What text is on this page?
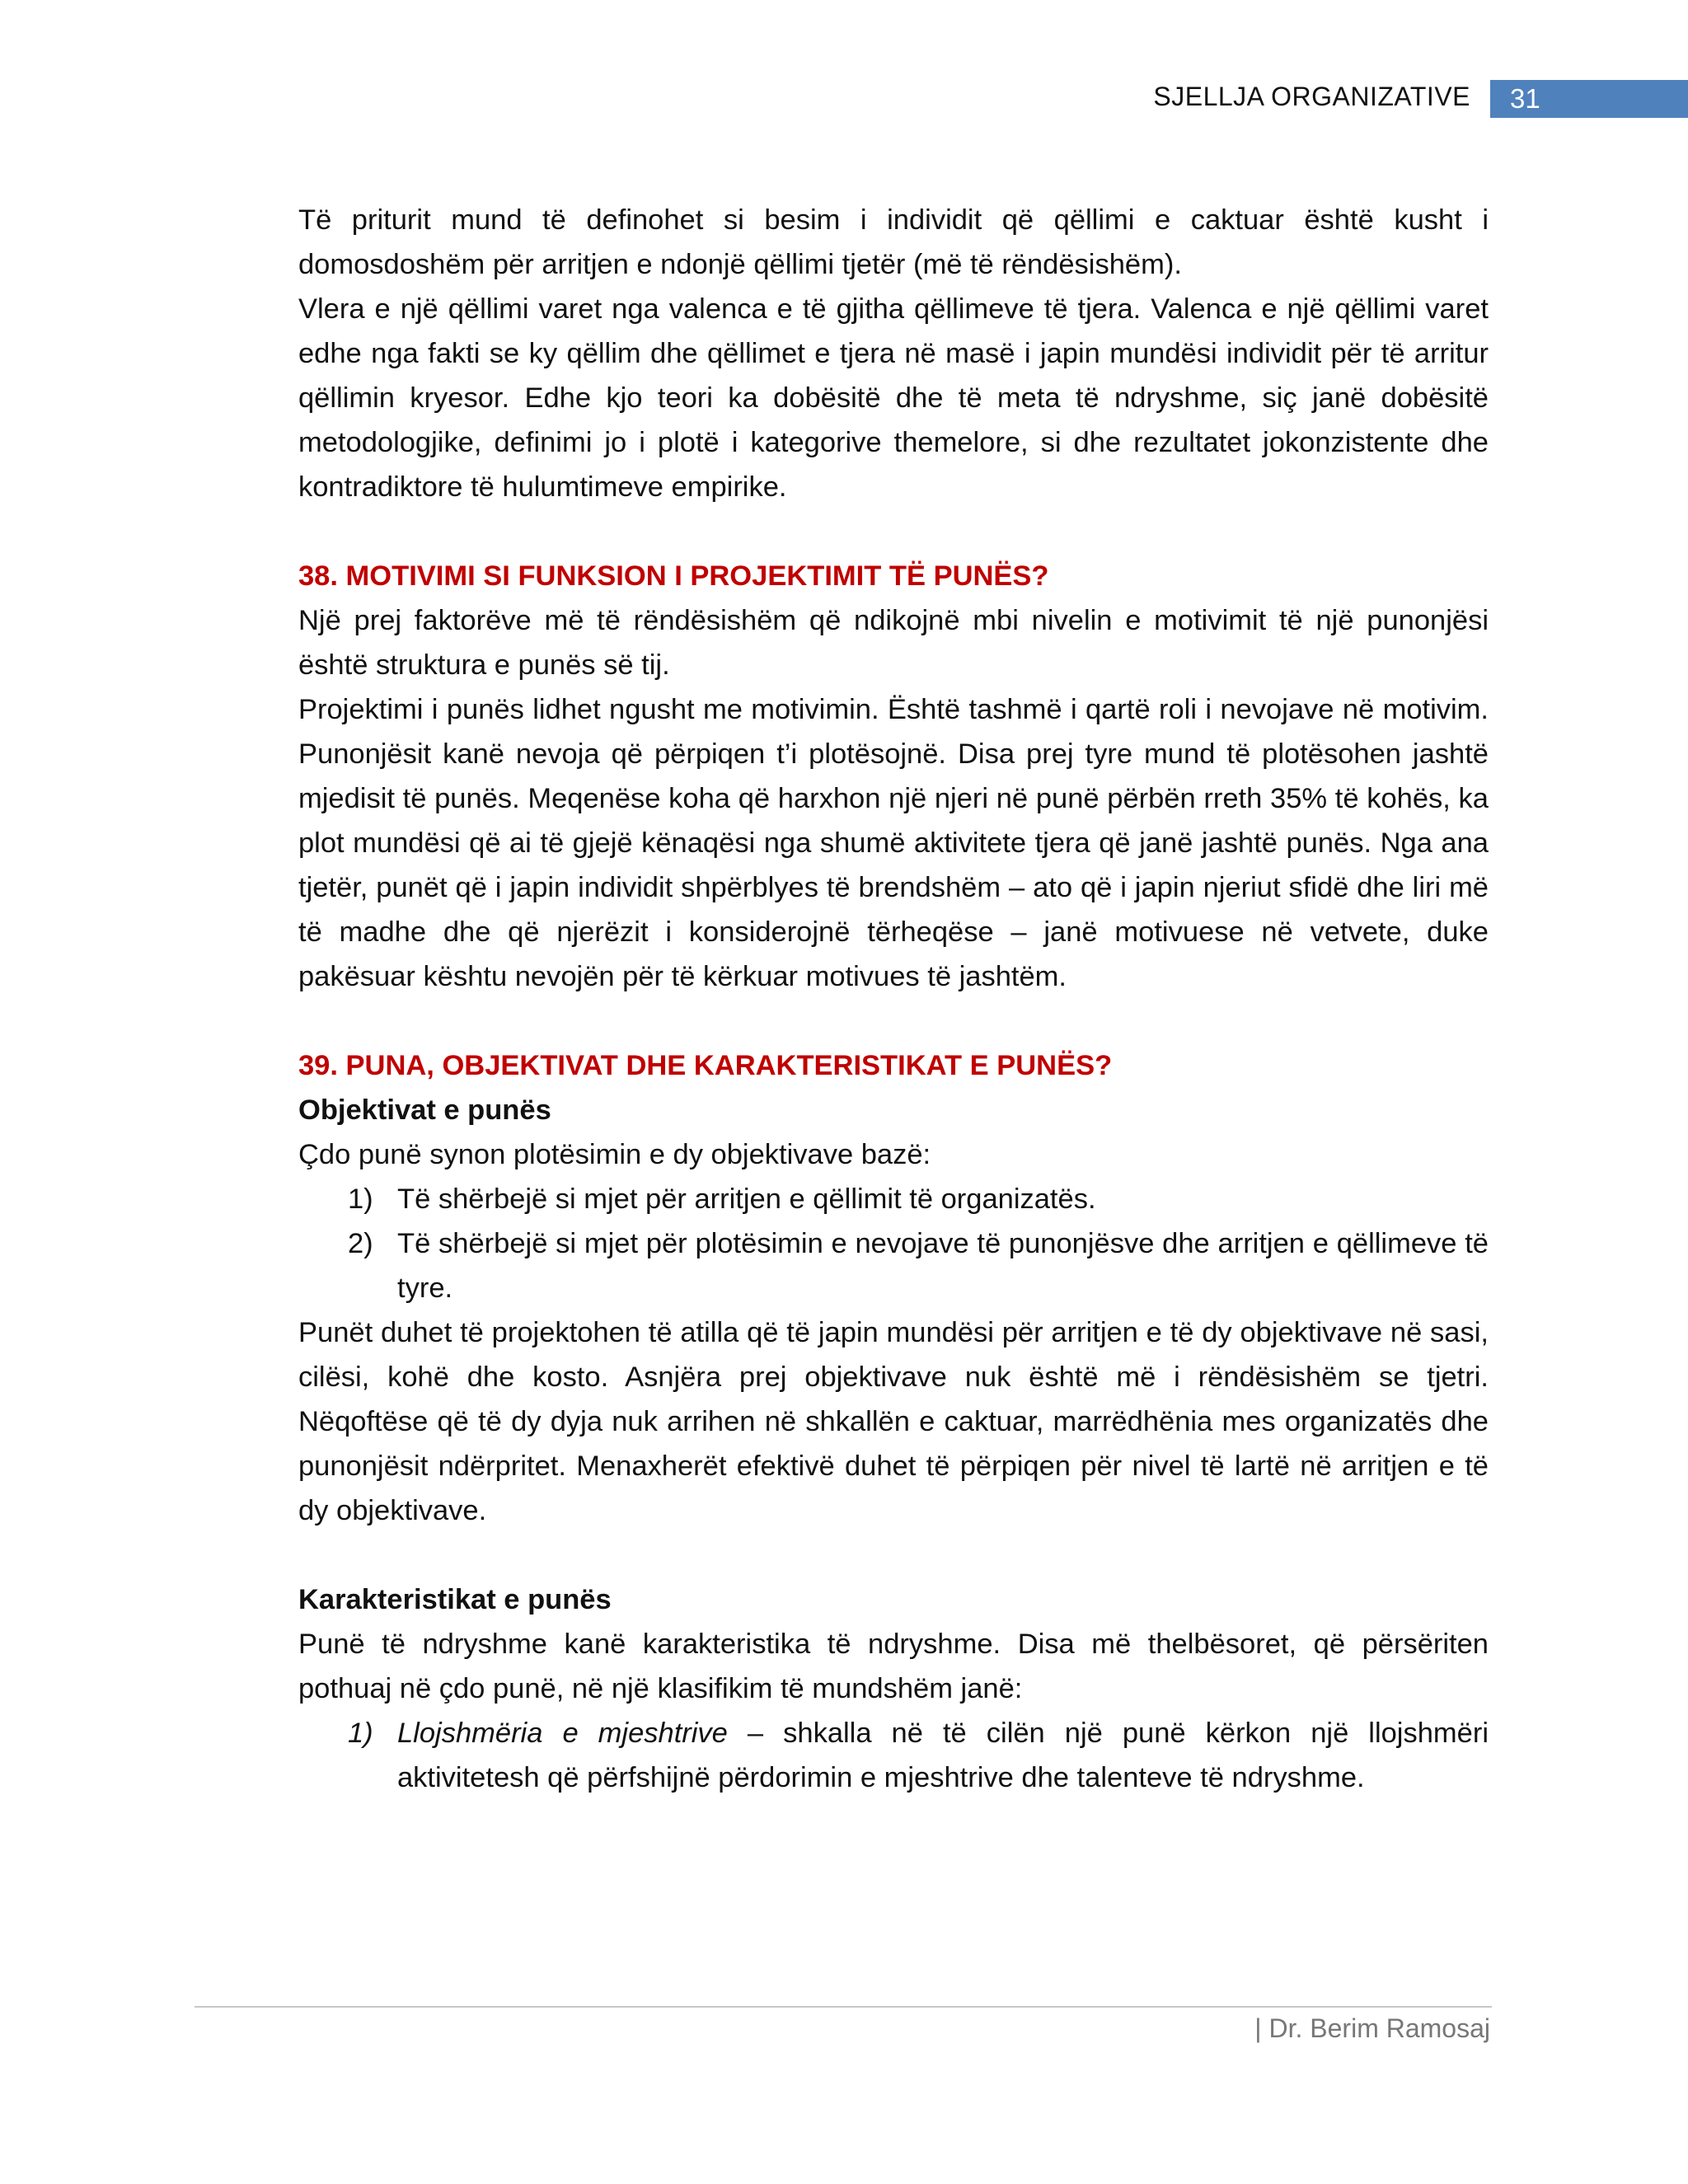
SJELLJA ORGANIZATIVE	31

Të priturit mund të definohet si besim i individit që qëllimi e caktuar është kusht i domosdoshëm për arritjen e ndonjë qëllimi tjetër (më të rëndësishëm).

Vlera e një qëllimi varet nga valenca e të gjitha qëllimeve të tjera. Valenca e një qëllimi varet edhe nga fakti se ky qëllim dhe qëllimet e tjera në masë i japin mundësi individit për të arritur qëllimin kryesor. Edhe kjo teori ka dobësitë dhe të meta të ndryshme, siç janë dobësitë metodologjike, definimi jo i plotë i kategorive themelore, si dhe rezultatet jokonzistente dhe kontradiktore të hulumtimeve empirike.

38. MOTIVIMI SI FUNKSION I PROJEKTIMIT TË PUNËS?

Një prej faktorëve më të rëndësishëm që ndikojnë mbi nivelin e motivimit të një punonjësi është struktura e punës së tij.

Projektimi i punës lidhet ngusht me motivimin. Është tashmë i qartë roli i nevojave në motivim. Punonjësit kanë nevoja që përpiqen t’i plotësojnë. Disa prej tyre mund të plotësohen jashtë mjedisit të punës. Meqenëse koha që harxhon një njeri në punë përbën rreth 35% të kohës, ka plot mundësi që ai të gjejë kënaqësi nga shumë aktivitete tjera që janë jashtë punës. Nga ana tjetër, punët që i japin individit shpërblyes të brendshëm – ato që i japin njeriut sfidë dhe liri më të madhe dhe që njerëzit i konsiderojnë tërheqëse – janë motivuese në vetvete, duke pakësuar kështu nevojën për të kërkuar motivues të jashtëm.

39. PUNA, OBJEKTIVAT DHE KARAKTERISTIKAT E PUNËS?

Objektivat e punës

Çdo punë synon plotësimin e dy objektivave bazë:

1) Të shërbejë si mjet për arritjen e qëllimit të organizatës.
2) Të shërbejë si mjet për plotësimin e nevojave të punonjësve dhe arritjen e qëllimeve të tyre.

Punët duhet të projektohen të atilla që të japin mundësi për arritjen e të dy objektivave në sasi, cilësi, kohë dhe kosto. Asnjëra prej objektivave nuk është më i rëndësishëm se tjetri. Nëqoftëse që të dy dyja nuk arrihen në shkallën e caktuar, marrëdhënia mes organizatës dhe punonjësit ndërpritet. Menaxherët efektivë duhet të përpiqen për nivel të lartë në arritjen e të dy objektivave.

Karakteristikat e punës

Punë të ndryshme kanë karakteristika të ndryshme. Disa më thelbësoret, që përsëriten pothuaj në çdo punë, në një klasifikim të mundshëm janë:

1) Llojshmëria e mjeshtrive – shkalla në të cilën një punë kërkon një llojshmëri aktivitetesh që përfshijnë përdorimin e mjeshtrive dhe talenteve të ndryshme.
| Dr. Berim Ramosaj
